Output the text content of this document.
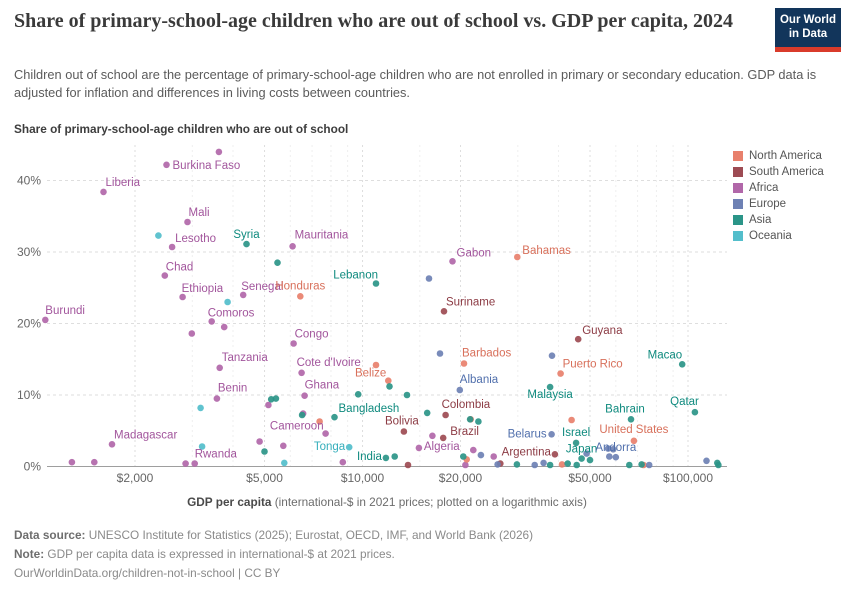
Share of primary-school-age children who are out of school vs. GDP per capita, 2024	Our World
in Data
Children out of school are the percentage of primary-school-age children who are not enrolled in primary or secondary education. GDP data is adjusted for inflation and differences in living costs between countries.
Share of primary-school-age children who are out of school
$2,000	$5,000	$10,000	$20,000	$50,000	$100,000
0%
10%
20%
30%
40%
Burkina Faso
Liberia
Mali
Lesotho Syria	Mauritania
Chad
Ethiopia Senegal
Honduras
Lebanon
Gabon	Bahamas
Burundi	Comoros
Suriname
Guyana
Tanzania	Cote d'Ivoire
Belize
Barbados
Puerto Rico
Macao
Albania
Benin	Ghana
Malaysia
Bangladesh	Bahrain
Qatar
Colombia
Madagascar
Cameroon	Bolivia
Brazil Belarus
Algeria	Argentina
Tonga
India
Rwanda
Congo
Israel United States
Japan
Andorra
GDP per capita (international-$ in 2021 prices; plotted on a logarithmic axis)
North America
South America
Africa
Europe
Asia
Oceania
Data source: UNESCO Institute for Statistics (2025); Eurostat, OECD, IMF, and World Bank (2026)
Note: GDP per capita data is expressed in international-$ at 2021 prices.
OurWorldinData.org/children-not-in-school | CC BY
